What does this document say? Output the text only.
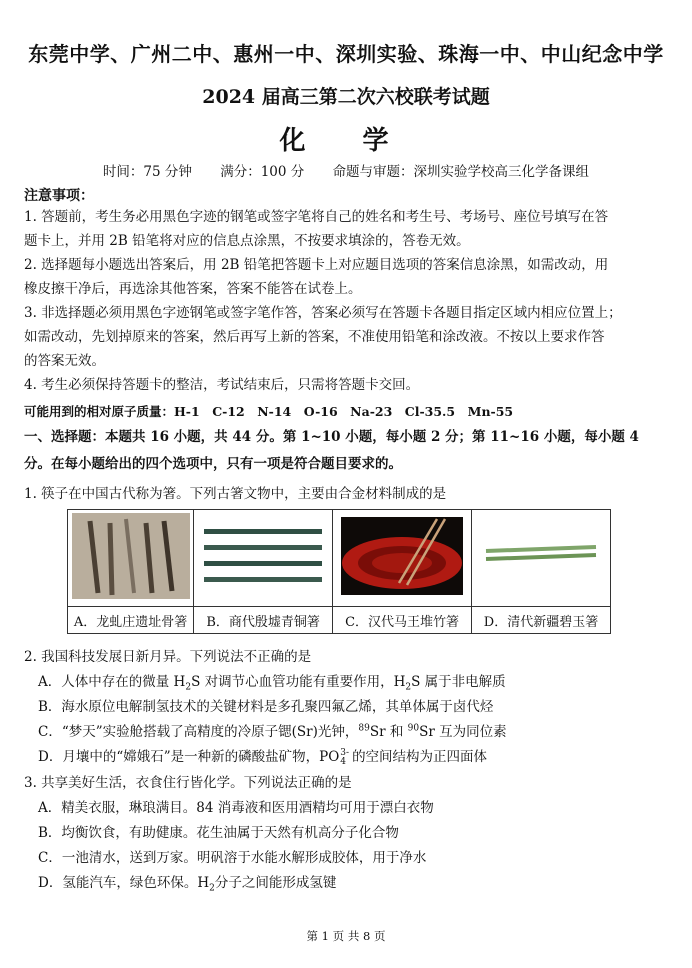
东莞中学、广州二中、惠州一中、深圳实验、珠海一中、中山纪念中学
2024 届高三第二次六校联考试题
化 学
时间：75 分钟 满分：100 分 命题与审题：深圳实验学校高三化学备课组
注意事项：
1. 答题前，考生务必用黑色字迹的钢笔或签字笔将自己的姓名和考生号、考场号、座位号填写在答
题卡上，并用 2B 铅笔将对应的信息点涂黑，不按要求填涂的，答卷无效。
2. 选择题每小题选出答案后，用 2B 铅笔把答题卡上对应题目选项的答案信息涂黑，如需改动，用
橡皮擦干净后，再选涂其他答案，答案不能答在试卷上。
3. 非选择题必须用黑色字迹钢笔或签字笔作答，答案必须写在答题卡各题目指定区域内相应位置上；
如需改动，先划掉原来的答案，然后再写上新的答案，不准使用铅笔和涂改液。不按以上要求作答
的答案无效。
4. 考生必须保持答题卡的整洁，考试结束后，只需将答题卡交回。
可能用到的相对原子质量：H-1　C-12　N-14　O-16　Na-23　Cl-35.5　Mn-55
一、选择题：本题共 16 小题，共 44 分。第 1~10 小题，每小题 2 分；第 11~16 小题，每小题 4
分。在每小题给出的四个选项中，只有一项是符合题目要求的。
1. 筷子在中国古代称为箸。下列古箸文物中，主要由合金材料制成的是

A．龙虬庄遗址骨箸	B．商代殷墟青铜箸	C．汉代马王堆竹箸	D．清代新疆碧玉箸
2. 我国科技发展日新月异。下列说法不正确的是
A．人体中存在的微量 $H_2S$ 对调节心血管功能有重要作用，$H_2S$ 属于非电解质
B．海水原位电解制氢技术的关键材料是多孔聚四氟乙烯，其单体属于卤代烃
C．“梦天”实验舱搭载了高精度的冷原子锶(Sr)光钟，$^{89}$Sr 和 $^{90}$Sr 互为同位素
D．月壤中的“嫦娥石”是一种新的磷酸盐矿物，PO 3-
4 的空间结构为正四面体
3. 共享美好生活，衣食住行皆化学。下列说法正确的是
A．精美衣服，琳琅满目。84 消毒液和医用酒精均可用于漂白衣物
B．均衡饮食，有助健康。花生油属于天然有机高分子化合物
C．一池清水，送到万家。明矾溶于水能水解形成胶体，用于净水
D．氢能汽车，绿色环保。$H_2$分子之间能形成氢键
第 1 页 共 8 页
